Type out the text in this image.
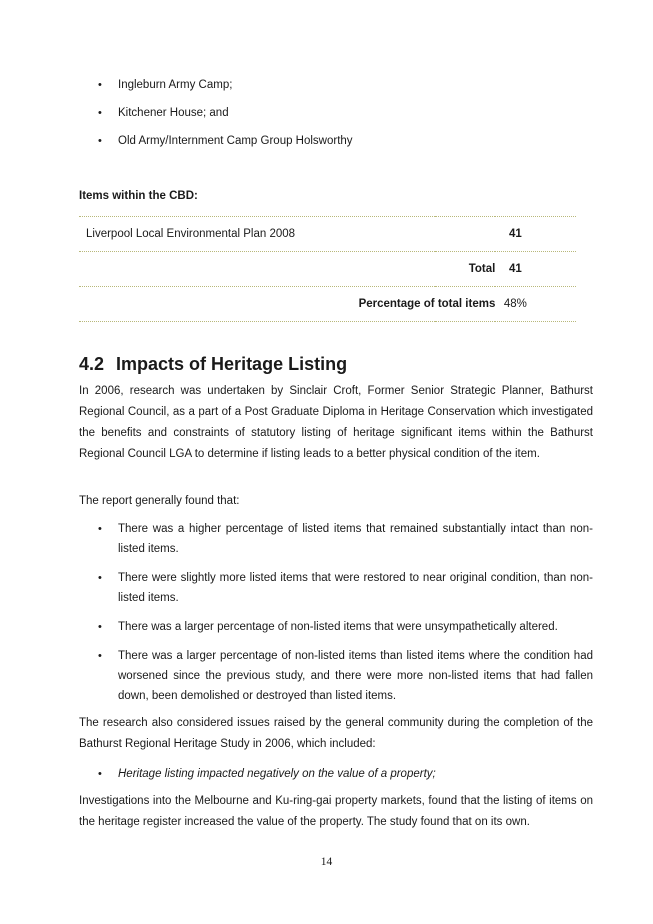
• Ingleburn Army Camp;
• Kitchener House; and
• Old Army/Internment Camp Group Holsworthy
Items within the CBD:
Liverpool Local Environmental Plan 2008		41
	Total	41
Percentage of total items		48%
4.2 Impacts of Heritage Listing

In 2006, research was undertaken by Sinclair Croft, Former Senior Strategic Planner, Bathurst Regional Council, as a part of a Post Graduate Diploma in Heritage Conservation which investigated the benefits and constraints of statutory listing of heritage significant items within the Bathurst Regional Council LGA to determine if listing leads to a better physical condition of the item.

The report generally found that:

• There was a higher percentage of listed items that remained substantially intact than non-listed items.
• There were slightly more listed items that were restored to near original condition, than non-listed items.
• There was a larger percentage of non-listed items that were unsympathetically altered.
• There was a larger percentage of non-listed items than listed items where the condition had worsened since the previous study, and there were more non-listed items that had fallen down, been demolished or destroyed than listed items.

The research also considered issues raised by the general community during the completion of the Bathurst Regional Heritage Study in 2006, which included:

• Heritage listing impacted negatively on the value of a property;

Investigations into the Melbourne and Ku-ring-gai property markets, found that the listing of items on the heritage register increased the value of the property. The study found that on its own.

14
